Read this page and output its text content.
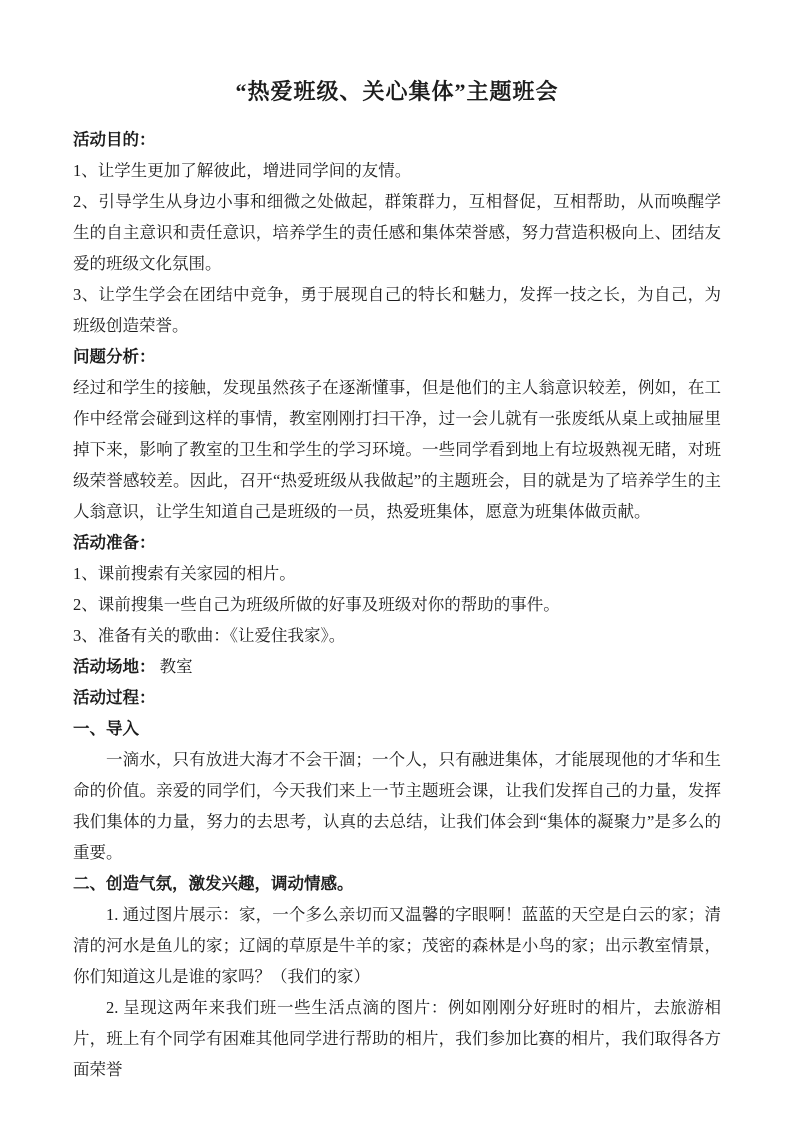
“热爱班级、关心集体”主题班会

活动目的：

1、让学生更加了解彼此，增进同学间的友情。

2、引导学生从身边小事和细微之处做起，群策群力，互相督促，互相帮助，从而唤醒学生的自主意识和责任意识，培养学生的责任感和集体荣誉感，努力营造积极向上、团结友爱的班级文化氛围。

3、让学生学会在团结中竞争，勇于展现自己的特长和魅力，发挥一技之长，为自己，为班级创造荣誉。

问题分析：

经过和学生的接触，发现虽然孩子在逐渐懂事，但是他们的主人翁意识较差，例如，在工作中经常会碰到这样的事情，教室刚刚打扫干净，过一会儿就有一张废纸从桌上或抽屉里掉下来，影响了教室的卫生和学生的学习环境。一些同学看到地上有垃圾熟视无睹，对班级荣誉感较差。因此，召开“热爱班级从我做起”的主题班会，目的就是为了培养学生的主人翁意识，让学生知道自己是班级的一员，热爱班集体，愿意为班集体做贡献。

活动准备：

1、课前搜索有关家园的相片。

2、课前搜集一些自己为班级所做的好事及班级对你的帮助的事件。

3、准备有关的歌曲：《让爱住我家》。

活动场地： 教室

活动过程：

一、导入

一滴水，只有放进大海才不会干涸；一个人，只有融进集体，才能展现他的才华和生命的价值。亲爱的同学们，今天我们来上一节主题班会课，让我们发挥自己的力量，发挥我们集体的力量，努力的去思考，认真的去总结，让我们体会到“集体的凝聚力”是多么的重要。

二、创造气氛，激发兴趣，调动情感。

1. 通过图片展示：家，一个多么亲切而又温馨的字眼啊！蓝蓝的天空是白云的家；清清的河水是鱼儿的家；辽阔的草原是牛羊的家；茂密的森林是小鸟的家；出示教室情景，你们知道这儿是谁的家吗？（我们的家）

2. 呈现这两年来我们班一些生活点滴的图片：例如刚刚分好班时的相片，去旅游相片，班上有个同学有困难其他同学进行帮助的相片，我们参加比赛的相片，我们取得各方面荣誉
